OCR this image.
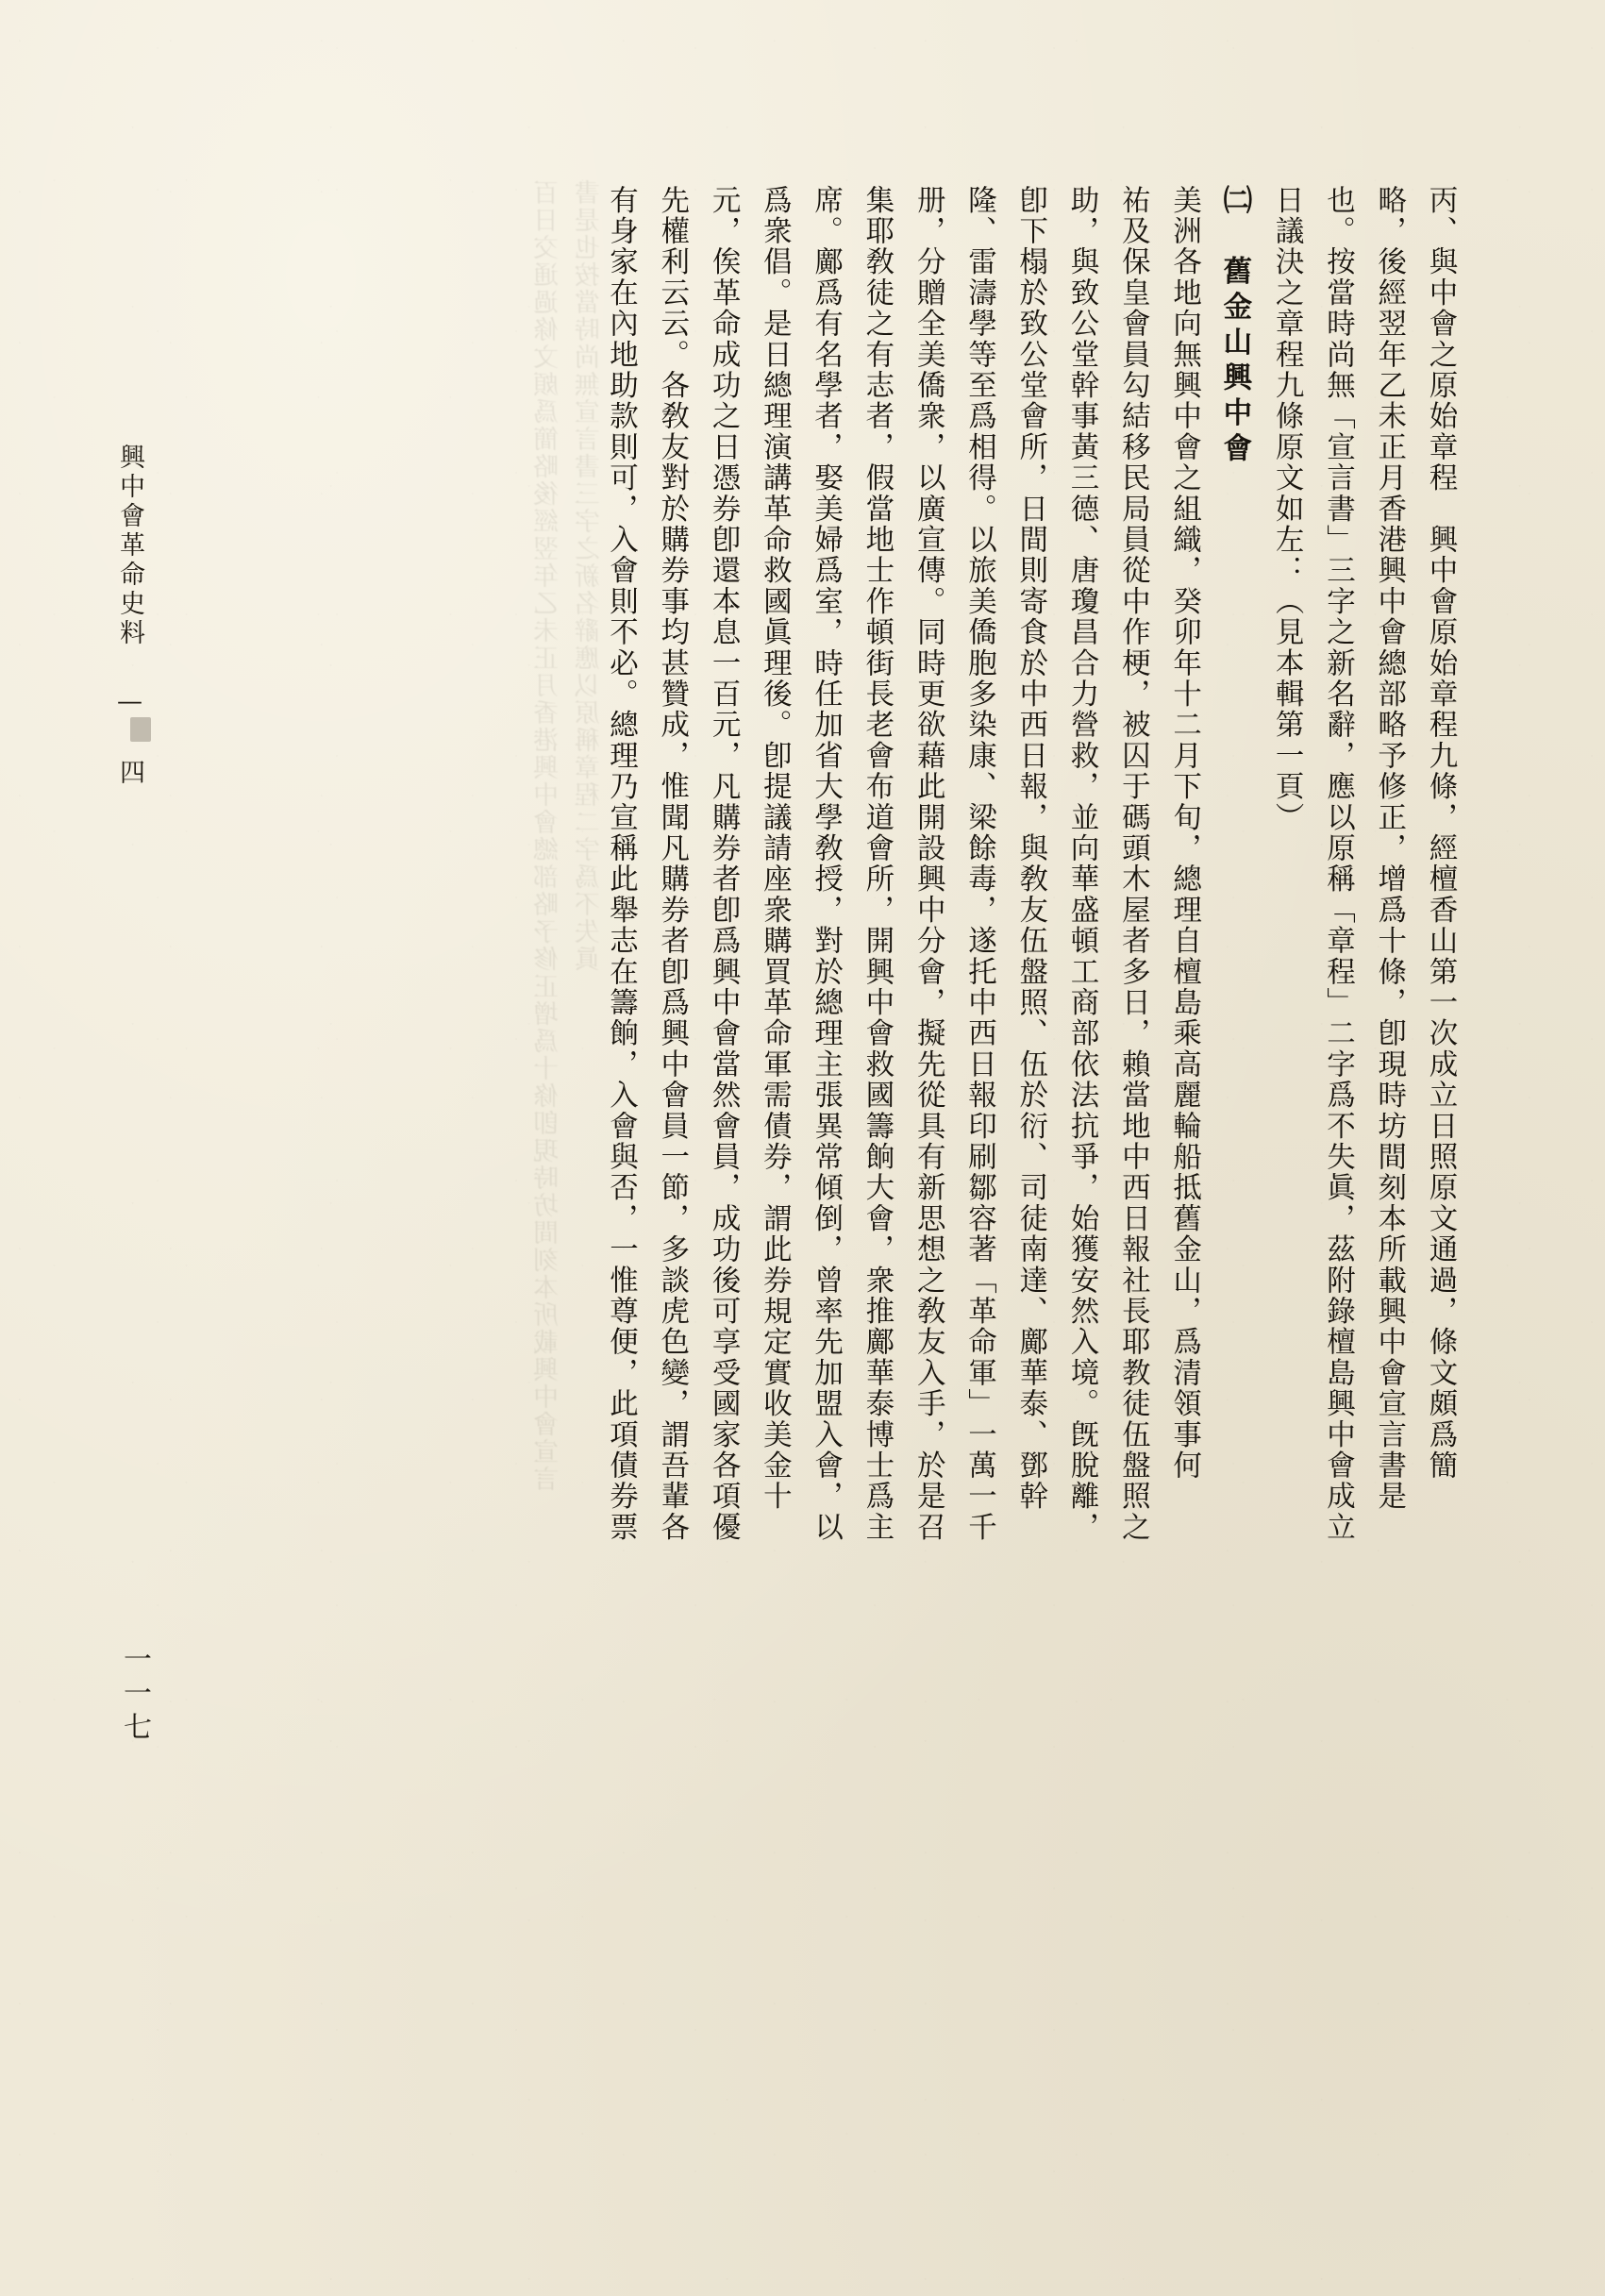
百日交通過條文頗爲簡略後經翌年乙未正月香港興中會總部略予修正增爲十條卽現時坊間刻本所載興中會宣言書是也按當時尚無宣言書三字之新名辭應以原稱章程二字爲不失眞	丙、與中會之原始章程　興中會原始章程九條，經檀香山第一次成立日照原文通過，條文頗爲簡
略，後經翌年乙未正月香港興中會總部略予修正，增爲十條，卽現時坊間刻本所載興中會宣言書是
也。按當時尚無「宣言書」三字之新名辭，應以原稱「章程」二字爲不失眞，茲附錄檀島興中會成立
日議決之章程九條原文如左：（見本輯第一頁）
㈡　舊金山興中會
美洲各地向無興中會之組織，癸卯年十二月下旬，總理自檀島乘高麗輪船抵舊金山，爲清領事何
祐及保皇會員勾結移民局員從中作梗，被囚于碼頭木屋者多日，賴當地中西日報社長耶教徒伍盤照之
助，與致公堂幹事黃三德、唐瓊昌合力營救，並向華盛頓工商部依法抗爭，始獲安然入境。旣脫離，
卽下榻於致公堂會所，日間則寄食於中西日報，與敎友伍盤照、伍於衍、司徒南達、鄺華泰、鄧幹
隆、雷濤學等至爲相得。以旅美僑胞多染康、梁餘毒，遂托中西日報印刷鄒容著「革命軍」一萬一千
册，分贈全美僑衆，以廣宣傳。同時更欲藉此開設興中分會，擬先從具有新思想之敎友入手，於是召
集耶敎徒之有志者，假當地士作頓街長老會布道會所，開興中會救國籌餉大會，衆推鄺華泰博士爲主
席。鄺爲有名學者，娶美婦爲室，時任加省大學敎授，對於總理主張異常傾倒，曾率先加盟入會，以
爲衆倡。是日總理演講革命救國眞理後。卽提議請座衆購買革命軍需債券，謂此券規定實收美金十
元，俟革命成功之日憑券卽還本息一百元，凡購券者卽爲興中會當然會員，成功後可享受國家各項優
先權利云云。各敎友對於購券事均甚贊成，惟聞凡購券者卽爲興中會員一節，多談虎色變，謂吾輩各
有身家在內地助款則可，入會則不必。總理乃宣稱此舉志在籌餉，入會與否，一惟尊便，此項債券票
興中會革命史料 — 四
一一七
